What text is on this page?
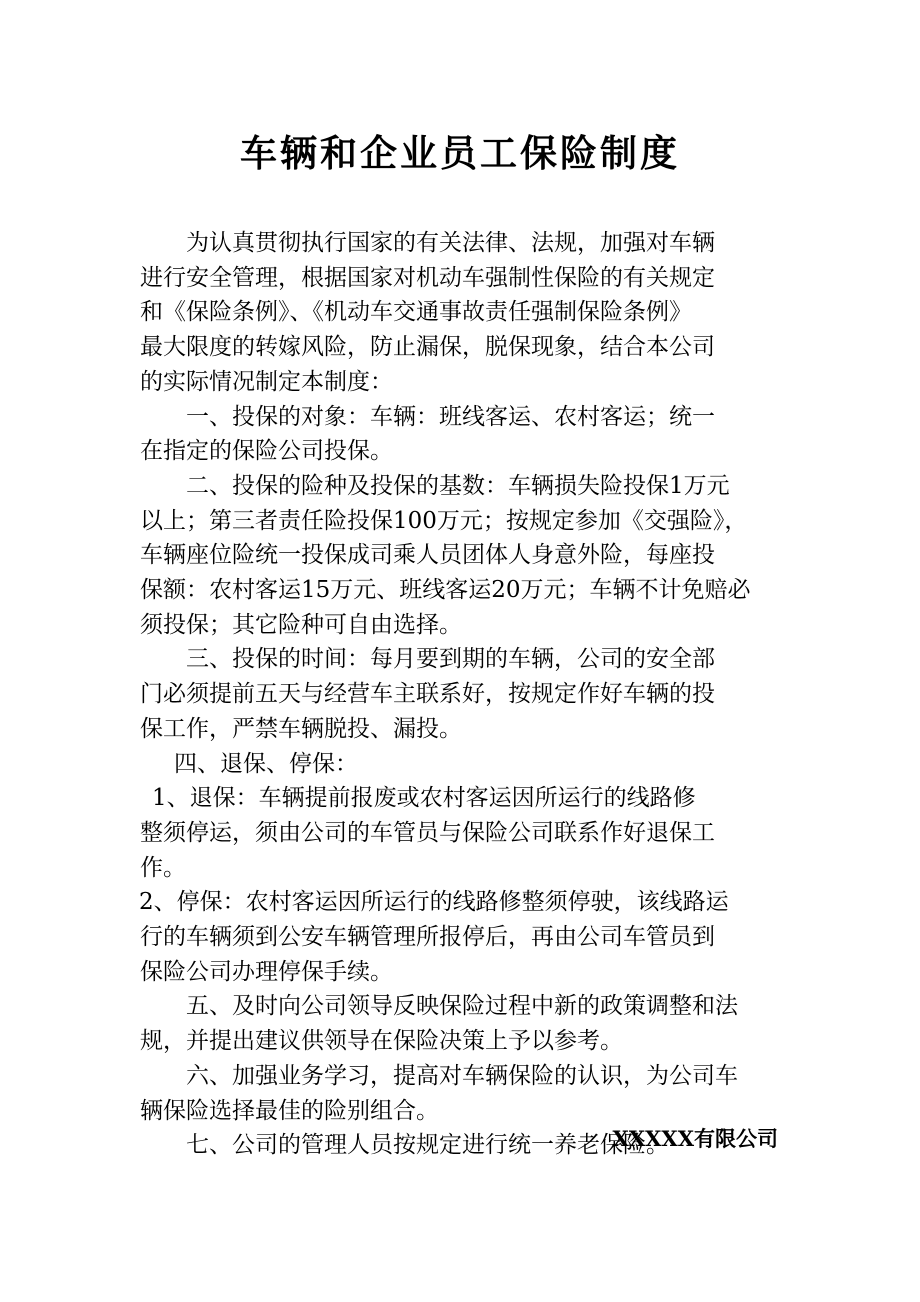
车辆和企业员工保险制度
为认真贯彻执行国家的有关法律、法规，加强对车辆
进行安全管理，根据国家对机动车强制性保险的有关规定
和《保险条例》、《机动车交通事故责任强制保险条例》
最大限度的转嫁风险，防止漏保，脱保现象，结合本公司
的实际情况制定本制度：
一、投保的对象：车辆：班线客运、农村客运；统一
在指定的保险公司投保。
二、投保的险种及投保的基数：车辆损失险投保1万元
以上；第三者责任险投保100万元；按规定参加《交强险》，
车辆座位险统一投保成司乘人员团体人身意外险，每座投
保额：农村客运15万元、班线客运20万元；车辆不计免赔必
须投保；其它险种可自由选择。
三、投保的时间：每月要到期的车辆，公司的安全部
门必须提前五天与经营车主联系好，按规定作好车辆的投
保工作，严禁车辆脱投、漏投。
四、退保、停保：
1、退保：车辆提前报废或农村客运因所运行的线路修
整须停运，须由公司的车管员与保险公司联系作好退保工
作。
2、停保：农村客运因所运行的线路修整须停驶，该线路运
行的车辆须到公安车辆管理所报停后，再由公司车管员到
保险公司办理停保手续。
五、及时向公司领导反映保险过程中新的政策调整和法
规，并提出建议供领导在保险决策上予以参考。
六、加强业务学习，提高对车辆保险的认识，为公司车
辆保险选择最佳的险别组合。
七、公司的管理人员按规定进行统一养老保险。
XXXXX有限公司
